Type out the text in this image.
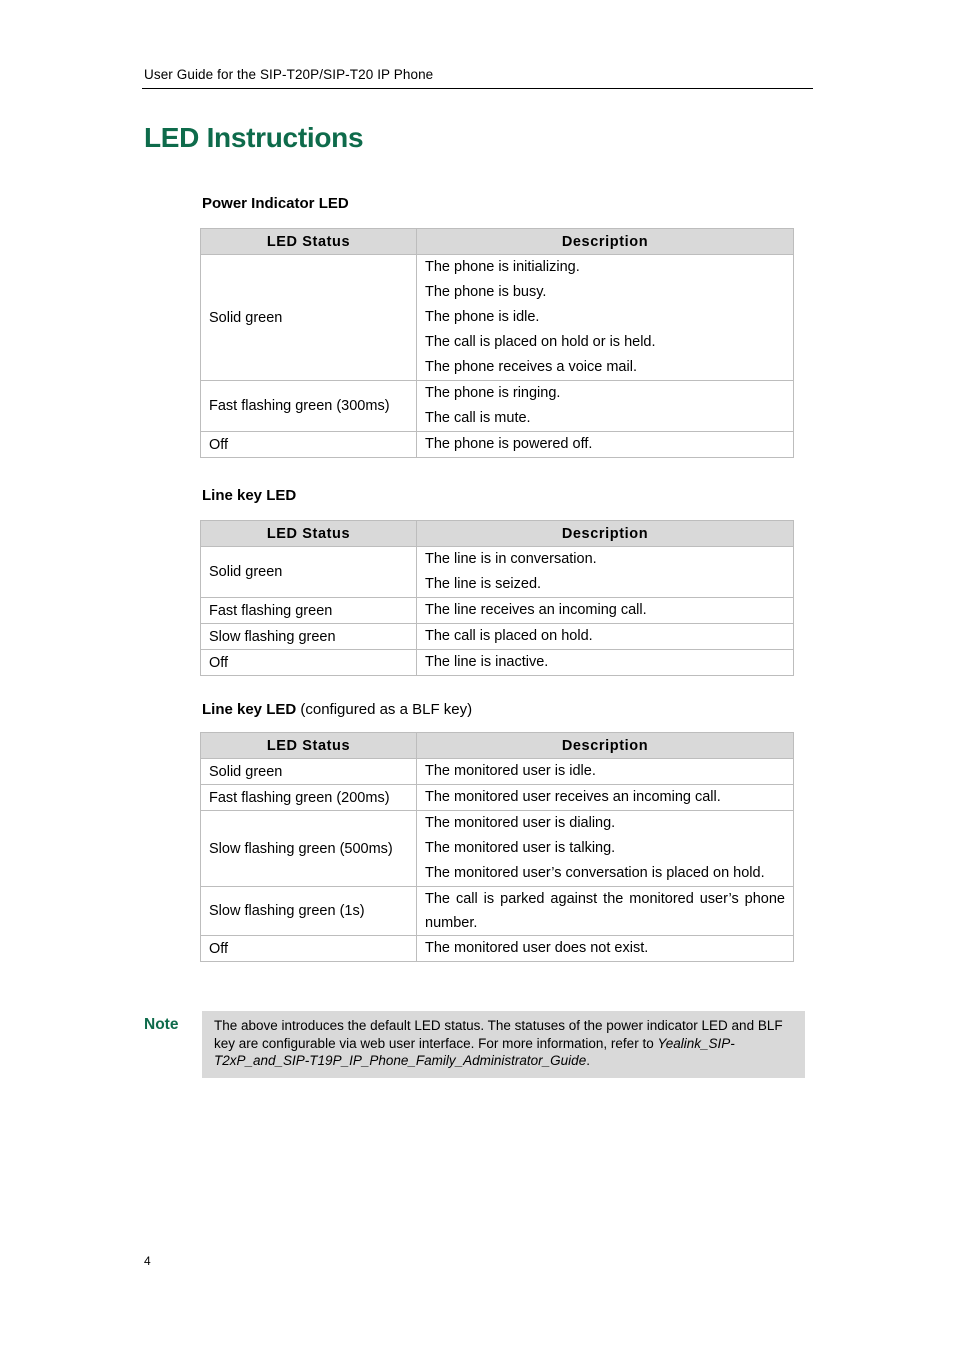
User Guide for the SIP-T20P/SIP-T20 IP Phone
LED Instructions
Power Indicator LED
LED Status	Description
Solid green	The phone is initializing.
The phone is busy.
The phone is idle.
The call is placed on hold or is held.
The phone receives a voice mail.

Fast flashing green (300ms)	The phone is ringing.
The call is mute.

Off	The phone is powered off.
Line key LED
LED Status	Description
Solid green	The line is in conversation.
The line is seized.

Fast flashing green	The line receives an incoming call.

Slow flashing green	The call is placed on hold.

Off	The line is inactive.
Line key LED (configured as a BLF key)
LED Status	Description
Solid green	The monitored user is idle.

Fast flashing green (200ms)	The monitored user receives an incoming call.

Slow flashing green (500ms)	The monitored user is dialing.
The monitored user is talking.
The monitored user’s conversation is placed on hold.

Slow flashing green (1s)	The call is parked against the monitored user’s phone number.

Off	The monitored user does not exist.
Note	The above introduces the default LED status. The statuses of the power indicator LED and BLF key are configurable via web user interface. For more information, refer to Yealink_SIP-T2xP_and_SIP-T19P_IP_Phone_Family_Administrator_Guide.
4
